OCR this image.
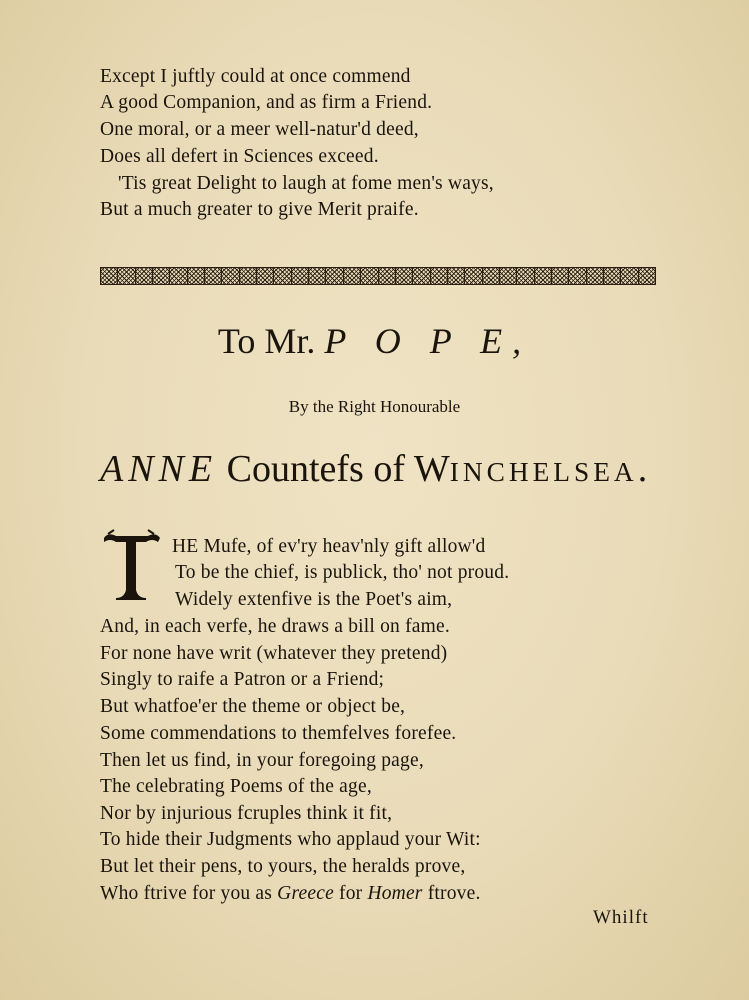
Except I juftly could at once commend
A good Companion, and as firm a Friend.
One moral, or a meer well-natur'd deed,
Does all defert in Sciences exceed.
'Tis great Delight to laugh at fome men's ways,
But a much greater to give Merit praife.
To Mr. P O P E,
By the Right Honourable
ANNE Countefs of WINCHELSEA.
HE Mufe, of ev'ry heav'nly gift allow'd
To be the chief, is publick, tho' not proud.
Widely extenfive is the Poet's aim,
And, in each verfe, he draws a bill on fame.
For none have writ (whatever they pretend)
Singly to raife a Patron or a Friend;
But whatfoe'er the theme or object be,
Some commendations to themfelves forefee.
Then let us find, in your foregoing page,
The celebrating Poems of the age,
Nor by injurious fcruples think it fit,
To hide their Judgments who applaud your Wit:
But let their pens, to yours, the heralds prove,
Who ftrive for you as Greece for Homer ftrove.
Whilft
